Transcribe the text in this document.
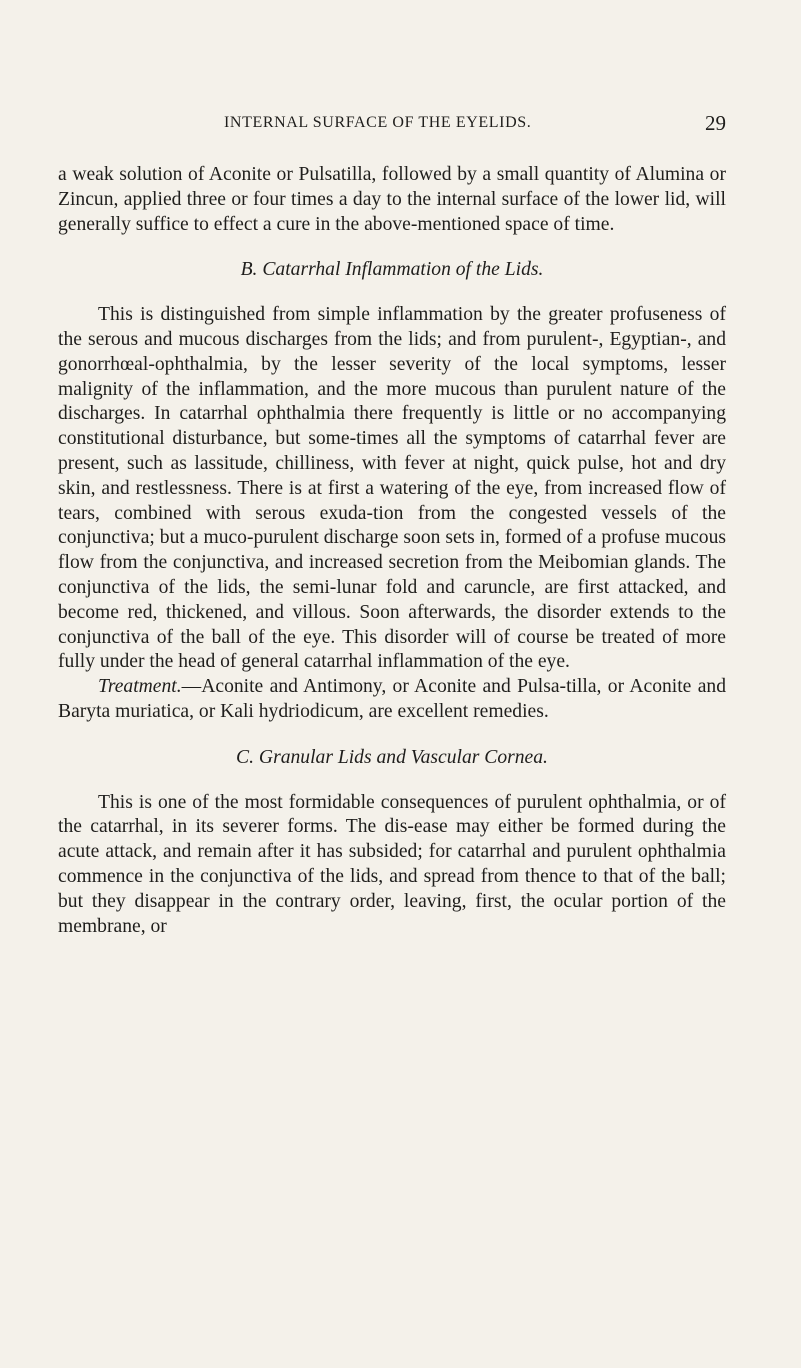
INTERNAL SURFACE OF THE EYELIDS.	29

a weak solution of Aconite or Pulsatilla, followed by a small quantity of Alumina or Zincun, applied three or four times a day to the internal surface of the lower lid, will generally suffice to effect a cure in the above-mentioned space of time.

B. Catarrhal Inflammation of the Lids.

This is distinguished from simple inflammation by the greater profuseness of the serous and mucous discharges from the lids; and from purulent-, Egyptian-, and gonorrhœal-ophthalmia, by the lesser severity of the local symptoms, lesser malignity of the inflammation, and the more mucous than purulent nature of the discharges. In catarrhal ophthalmia there frequently is little or no accompanying constitutional disturbance, but some-times all the symptoms of catarrhal fever are present, such as lassitude, chilliness, with fever at night, quick pulse, hot and dry skin, and restlessness. There is at first a watering of the eye, from increased flow of tears, combined with serous exuda-tion from the congested vessels of the conjunctiva; but a muco-purulent discharge soon sets in, formed of a profuse mucous flow from the conjunctiva, and increased secretion from the Meibomian glands. The conjunctiva of the lids, the semi-lunar fold and caruncle, are first attacked, and become red, thickened, and villous. Soon afterwards, the disorder extends to the conjunctiva of the ball of the eye. This disorder will of course be treated of more fully under the head of general catarrhal inflammation of the eye.

Treatment.—Aconite and Antimony, or Aconite and Pulsa-tilla, or Aconite and Baryta muriatica, or Kali hydriodicum, are excellent remedies.

C. Granular Lids and Vascular Cornea.

This is one of the most formidable consequences of purulent ophthalmia, or of the catarrhal, in its severer forms. The dis-ease may either be formed during the acute attack, and remain after it has subsided; for catarrhal and purulent ophthalmia commence in the conjunctiva of the lids, and spread from thence to that of the ball; but they disappear in the contrary order, leaving, first, the ocular portion of the membrane, or
